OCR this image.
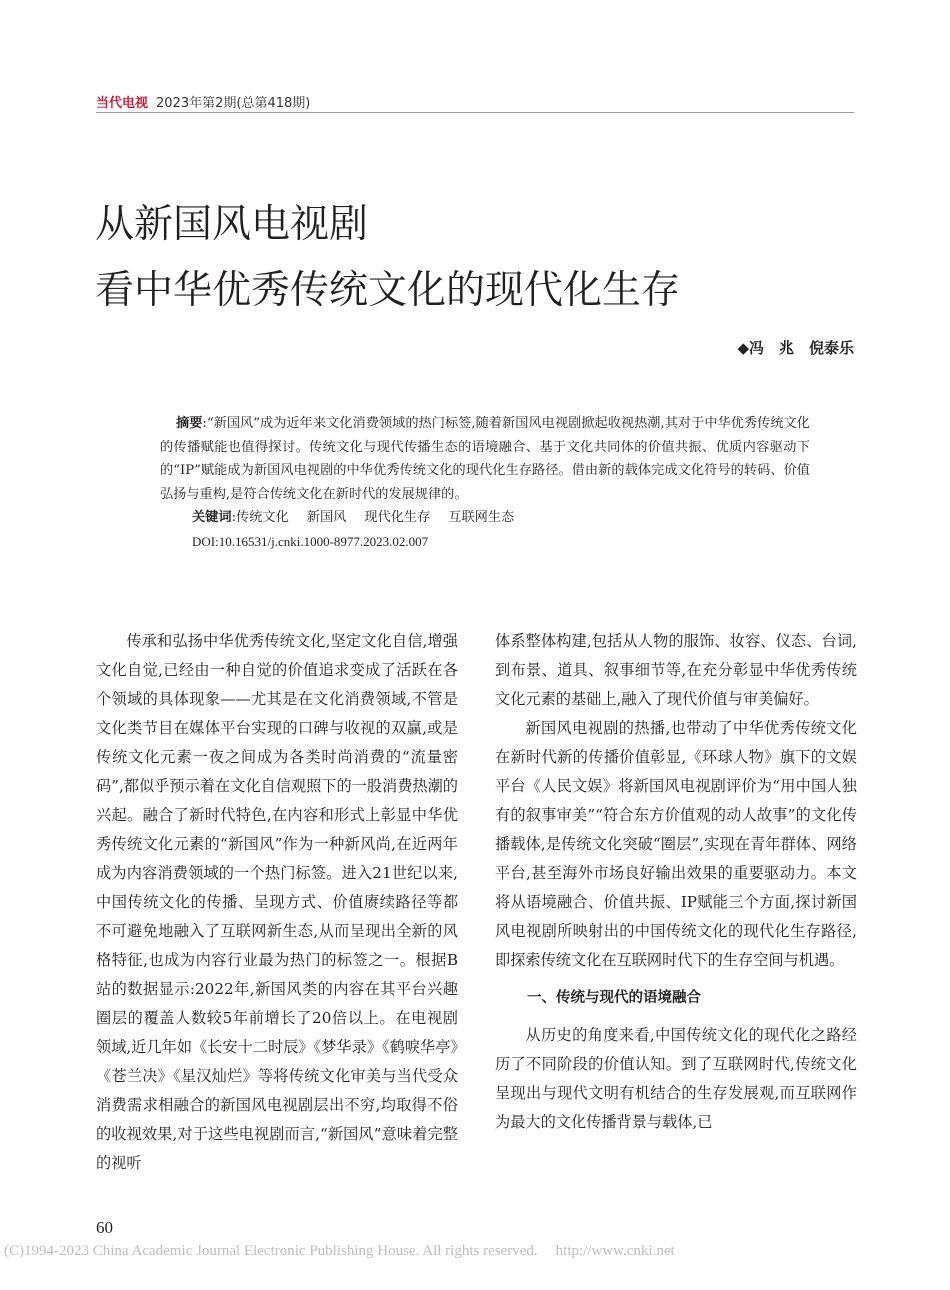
当代电视 2023年第2期(总第418期)
从新国风电视剧
看中华优秀传统文化的现代化生存
◆冯　兆　倪泰乐

摘要:“新国风”成为近年来文化消费领域的热门标签,随着新国风电视剧掀起收视热潮,其对于中华优秀传统文化的传播赋能也值得探讨。传统文化与现代传播生态的语境融合、基于文化共同体的价值共振、优质内容驱动下的“IP”赋能成为新国风电视剧的中华优秀传统文化的现代化生存路径。借由新的载体完成文化符号的转码、价值弘扬与重构,是符合传统文化在新时代的发展规律的。

关键词:传统文化 新国风 现代化生存 互联网生态

DOI:10.16531/j.cnki.1000-8977.2023.02.007

传承和弘扬中华优秀传统文化,坚定文化自信,增强文化自觉,已经由一种自觉的价值追求变成了活跃在各个领域的具体现象——尤其是在文化消费领域,不管是文化类节目在媒体平台实现的口碑与收视的双赢,或是传统文化元素一夜之间成为各类时尚消费的“流量密码”,都似乎预示着在文化自信观照下的一股消费热潮的兴起。融合了新时代特色,在内容和形式上彰显中华优秀传统文化元素的“新国风”作为一种新风尚,在近两年成为内容消费领域的一个热门标签。进入21世纪以来,中国传统文化的传播、呈现方式、价值赓续路径等都不可避免地融入了互联网新生态,从而呈现出全新的风格特征,也成为内容行业最为热门的标签之一。根据B站的数据显示:2022年,新国风类的内容在其平台兴趣圈层的覆盖人数较5年前增长了20倍以上。在电视剧领域,近几年如《长安十二时辰》《梦华录》《鹤唳华亭》《苍兰决》《星汉灿烂》等将传统文化审美与当代受众消费需求相融合的新国风电视剧层出不穷,均取得不俗的收视效果,对于这些电视剧而言,“新国风”意味着完整的视听

体系整体构建,包括从人物的服饰、妆容、仪态、台词,到布景、道具、叙事细节等,在充分彰显中华优秀传统文化元素的基础上,融入了现代价值与审美偏好。

新国风电视剧的热播,也带动了中华优秀传统文化在新时代新的传播价值彰显,《环球人物》旗下的文娱平台《人民文娱》将新国风电视剧评价为“用中国人独有的叙事审美”“符合东方价值观的动人故事”的文化传播载体,是传统文化突破“圈层”,实现在青年群体、网络平台,甚至海外市场良好输出效果的重要驱动力。本文将从语境融合、价值共振、IP赋能三个方面,探讨新国风电视剧所映射出的中国传统文化的现代化生存路径,即探索传统文化在互联网时代下的生存空间与机遇。

一、传统与现代的语境融合

从历史的角度来看,中国传统文化的现代化之路经历了不同阶段的价值认知。到了互联网时代,传统文化呈现出与现代文明有机结合的生存发展观,而互联网作为最大的文化传播背景与载体,已

60
(C)1994-2023 China Academic Journal Electronic Publishing House. All rights reserved. http://www.cnki.net
